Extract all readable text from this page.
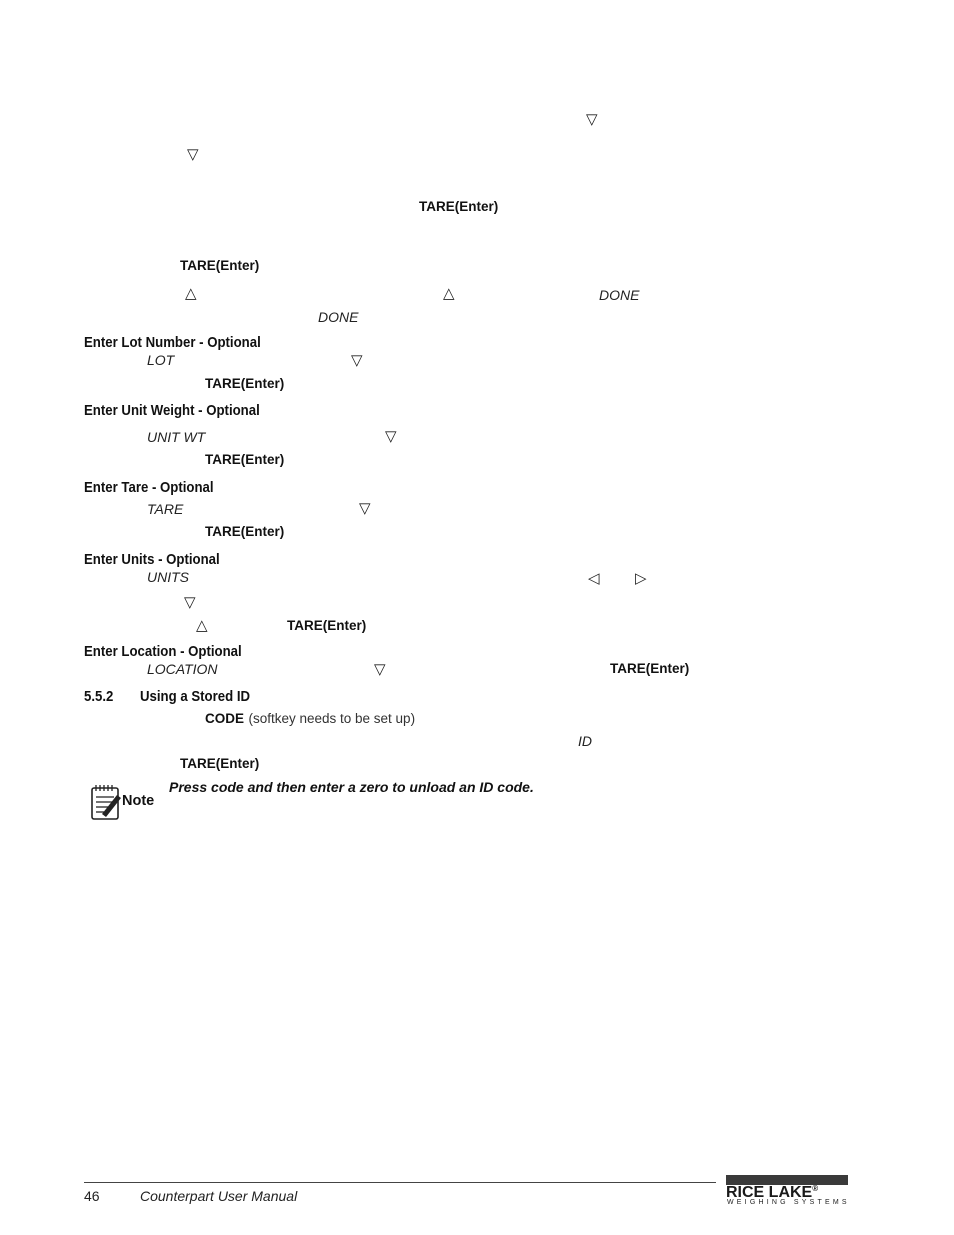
▽
▽
TARE(Enter)
TARE(Enter)
△	△	DONE
DONE
Enter Lot Number - Optional
LOT	▽
TARE(Enter)
Enter Unit Weight - Optional
UNIT WT	▽
TARE(Enter)
Enter Tare - Optional
TARE	▽
TARE(Enter)
Enter Units - Optional
UNITS	◁ ▷
▽
△	TARE(Enter)
Enter Location - Optional
LOCATION	▽	TARE(Enter)
5.5.2 Using a Stored ID
CODE (softkey needs to be set up)
ID
TARE(Enter)
Note
Press code and then enter a zero to unload an ID code.
46	Counterpart User Manual	RICE LAKE®
WEIGHING SYSTEMS
